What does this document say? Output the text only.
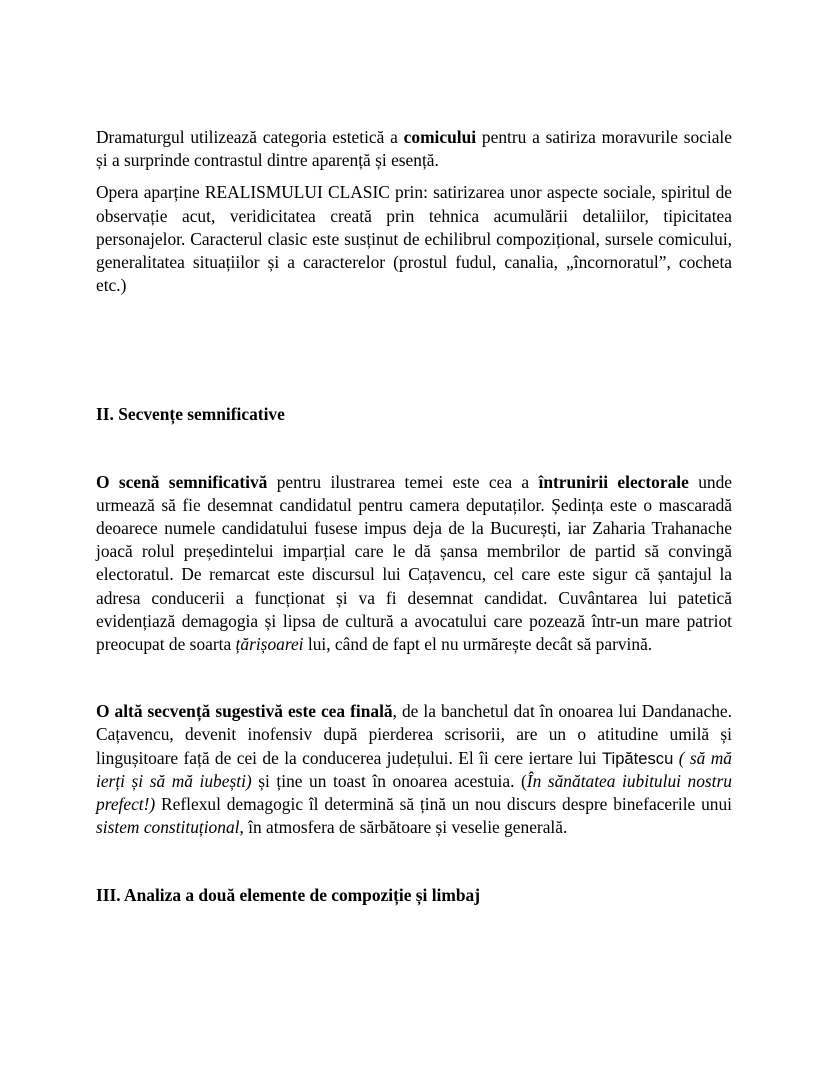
Dramaturgul utilizează categoria estetică a comicului pentru a satiriza moravurile sociale și a surprinde contrastul dintre aparență și esență.

Opera aparține REALISMULUI CLASIC prin: satirizarea unor aspecte sociale, spiritul de observație acut, veridicitatea creată prin tehnica acumulării detaliilor, tipicitatea personajelor. Caracterul clasic este susținut de echilibrul compozițional, sursele comicului, generalitatea situațiilor și a caracterelor (prostul fudul, canalia, „încornoratul”, cocheta etc.)

II. Secvențe semnificative

O scenă semnificativă pentru ilustrarea temei este cea a întrunirii electorale unde urmează să fie desemnat candidatul pentru camera deputaților. Ședința este o mascaradă deoarece numele candidatului fusese impus deja de la București, iar Zaharia Trahanache joacă rolul președintelui imparțial care le dă șansa membrilor de partid să convingă electoratul. De remarcat este discursul lui Cațavencu, cel care este sigur că șantajul la adresa conducerii a funcționat și va fi desemnat candidat. Cuvântarea lui patetică evidențiază demagogia și lipsa de cultură a avocatului care pozează într-un mare patriot preocupat de soarta țărișoarei lui, când de fapt el nu urmărește decât să parvină.

O altă secvență sugestivă este cea finală, de la banchetul dat în onoarea lui Dandanache. Cațavencu, devenit inofensiv după pierderea scrisorii, are un o atitudine umilă și lingușitoare față de cei de la conducerea județului. El îi cere iertare lui Tipătescu ( să mă ierți și să mă iubești) și ține un toast în onoarea acestuia. (În sănătatea iubitului nostru prefect!) Reflexul demagogic îl determină să țină un nou discurs despre binefacerile unui sistem constituțional, în atmosfera de sărbătoare și veselie generală.

III. Analiza a două elemente de compoziție și limbaj
